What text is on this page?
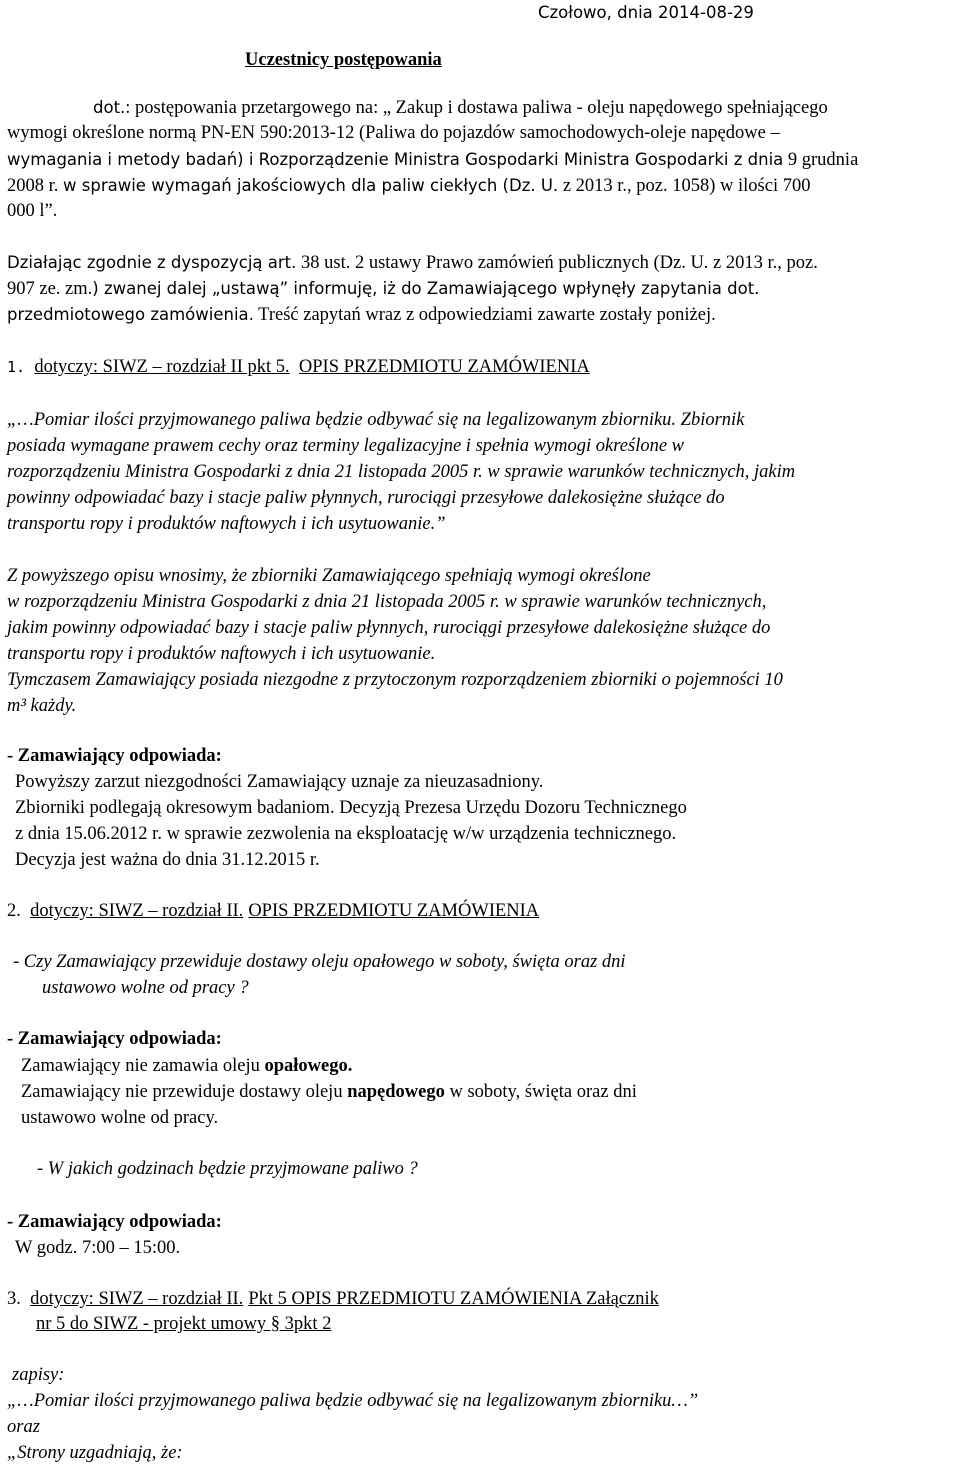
Czołowo, dnia 2014-08-29
Uczestnicy postępowania
dot.: postępowania przetargowego na: „ Zakup i dostawa paliwa - oleju napędowego spełniającego
wymogi określone normą PN-EN 590:2013-12 (Paliwa do pojazdów samochodowych-oleje napędowe –
wymagania i metody badań) i Rozporządzenie Ministra Gospodarki Ministra Gospodarki z dnia 9 grudnia
2008 r. w sprawie wymagań jakościowych dla paliw ciekłych (Dz. U. z 2013 r., poz. 1058) w ilości 700
000 l”.
Działając zgodnie z dyspozycją art. 38 ust. 2 ustawy Prawo zamówień publicznych (Dz. U. z 2013 r., poz.
907 ze. zm.) zwanej dalej „ustawą” informuję, iż do Zamawiającego wpłynęły zapytania dot.
przedmiotowego zamówienia. Treść zapytań wraz z odpowiedziami zawarte zostały poniżej.
1. dotyczy: SIWZ – rozdział II pkt 5. OPIS PRZEDMIOTU ZAMÓWIENIA
„…Pomiar ilości przyjmowanego paliwa będzie odbywać się na legalizowanym zbiorniku. Zbiornik
posiada wymagane prawem cechy oraz terminy legalizacyjne i spełnia wymogi określone w
rozporządzeniu Ministra Gospodarki z dnia 21 listopada 2005 r. w sprawie warunków technicznych, jakim
powinny odpowiadać bazy i stacje paliw płynnych, rurociągi przesyłowe dalekosiężne służące do
transportu ropy i produktów naftowych i ich usytuowanie.”
Z powyższego opisu wnosimy, że zbiorniki Zamawiającego spełniają wymogi określone
w rozporządzeniu Ministra Gospodarki z dnia 21 listopada 2005 r. w sprawie warunków technicznych,
jakim powinny odpowiadać bazy i stacje paliw płynnych, rurociągi przesyłowe dalekosiężne służące do
transportu ropy i produktów naftowych i ich usytuowanie.
Tymczasem Zamawiający posiada niezgodne z przytoczonym rozporządzeniem zbiorniki o pojemności 10
m³ każdy.
- Zamawiający odpowiada:
Powyższy zarzut niezgodności Zamawiający uznaje za nieuzasadniony.
Zbiorniki podlegają okresowym badaniom. Decyzją Prezesa Urzędu Dozoru Technicznego
z dnia 15.06.2012 r. w sprawie zezwolenia na eksploatację w/w urządzenia technicznego.
Decyzja jest ważna do dnia 31.12.2015 r.
2. dotyczy: SIWZ – rozdział II. OPIS PRZEDMIOTU ZAMÓWIENIA
- Czy Zamawiający przewiduje dostawy oleju opałowego w soboty, święta oraz dni
ustawowo wolne od pracy ?
- Zamawiający odpowiada:
Zamawiający nie zamawia oleju opałowego.
Zamawiający nie przewiduje dostawy oleju napędowego w soboty, święta oraz dni
ustawowo wolne od pracy.
- W jakich godzinach będzie przyjmowane paliwo ?
- Zamawiający odpowiada:
W godz. 7:00 – 15:00.
3. dotyczy: SIWZ – rozdział II. Pkt 5 OPIS PRZEDMIOTU ZAMÓWIENIA Załącznik
nr 5 do SIWZ - projekt umowy § 3pkt 2
zapisy:
„…Pomiar ilości przyjmowanego paliwa będzie odbywać się na legalizowanym zbiorniku…”
oraz
„Strony uzgadniają, że:
